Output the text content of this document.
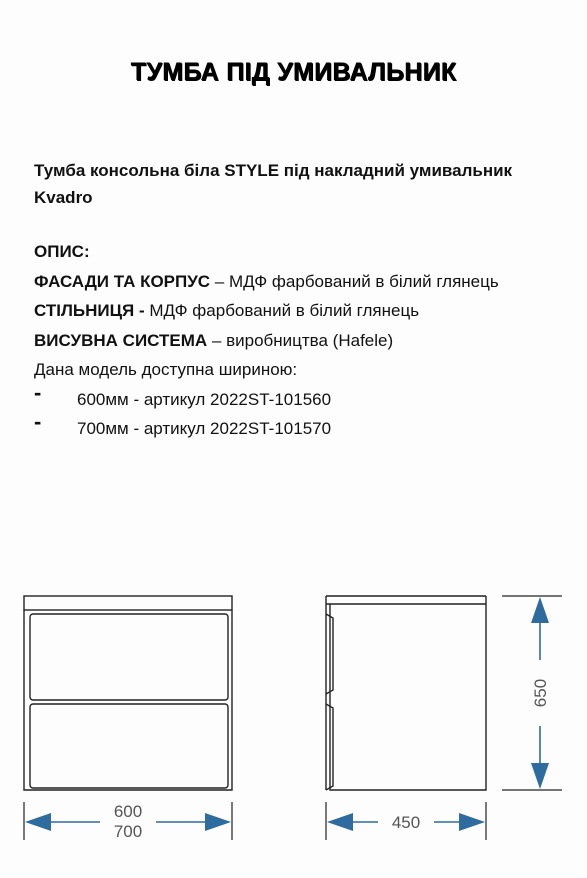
ТУМБА ПІД УМИВАЛЬНИК
Тумба консольна біла STYLE під накладний умивальник Kvadro
ОПИС:
ФАСАДИ ТА КОРПУС – МДФ фарбований в білий глянець
СТІЛЬНИЦЯ - МДФ фарбований в білий глянець
ВИСУВНА СИСТЕМА – виробництва (Hafele)
Дана модель доступна шириною:
- 600мм - артикул 2022ST-101560
- 700мм - артикул 2022ST-101570
600
700	450
650
